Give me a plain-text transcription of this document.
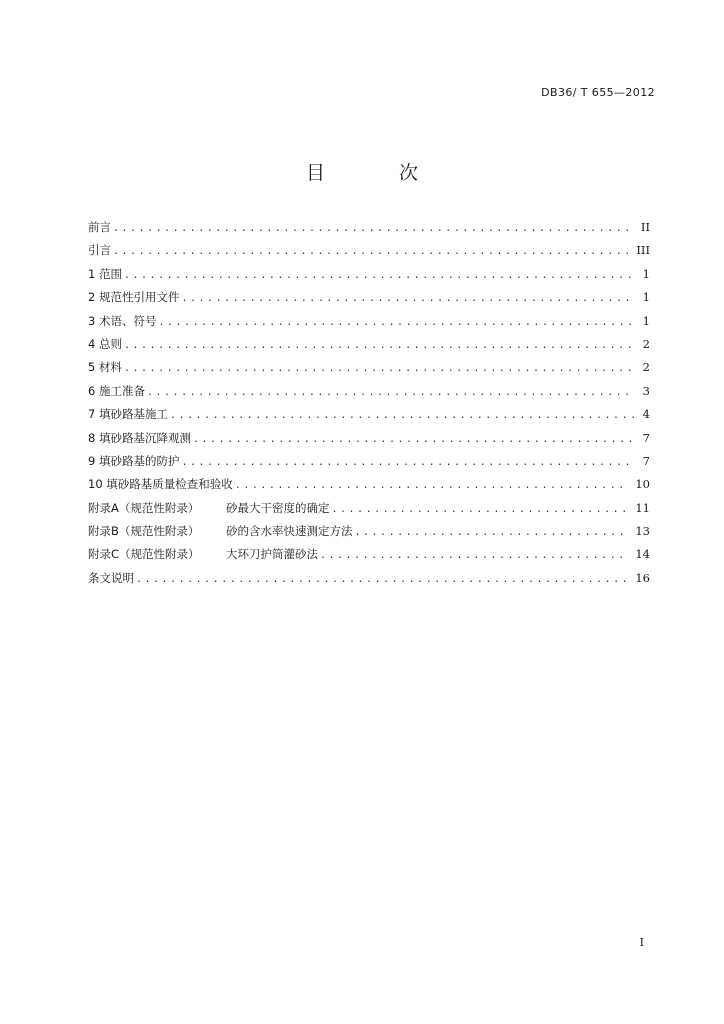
DB36/ T 655—2012
目 次
前言 .....	II
引言 .....	III
1 范围 .....	1
2 规范性引用文件 .....	1
3 术语、符号 .....	1
4 总则 .....	2
5 材料 .....	2
6 施工准备 .....	3
7 填砂路基施工 .....	4
8 填砂路基沉降观测 .....	7
9 填砂路基的防护 .....	7
10 填砂路基质量检查和验收 .....	10
附录A（规范性附录） 砂最大干密度的确定 .....	11
附录B（规范性附录） 砂的含水率快速测定方法 .....	13
附录C（规范性附录） 大环刀护筒灌砂法 .....	14
条文说明 .....	16
I
